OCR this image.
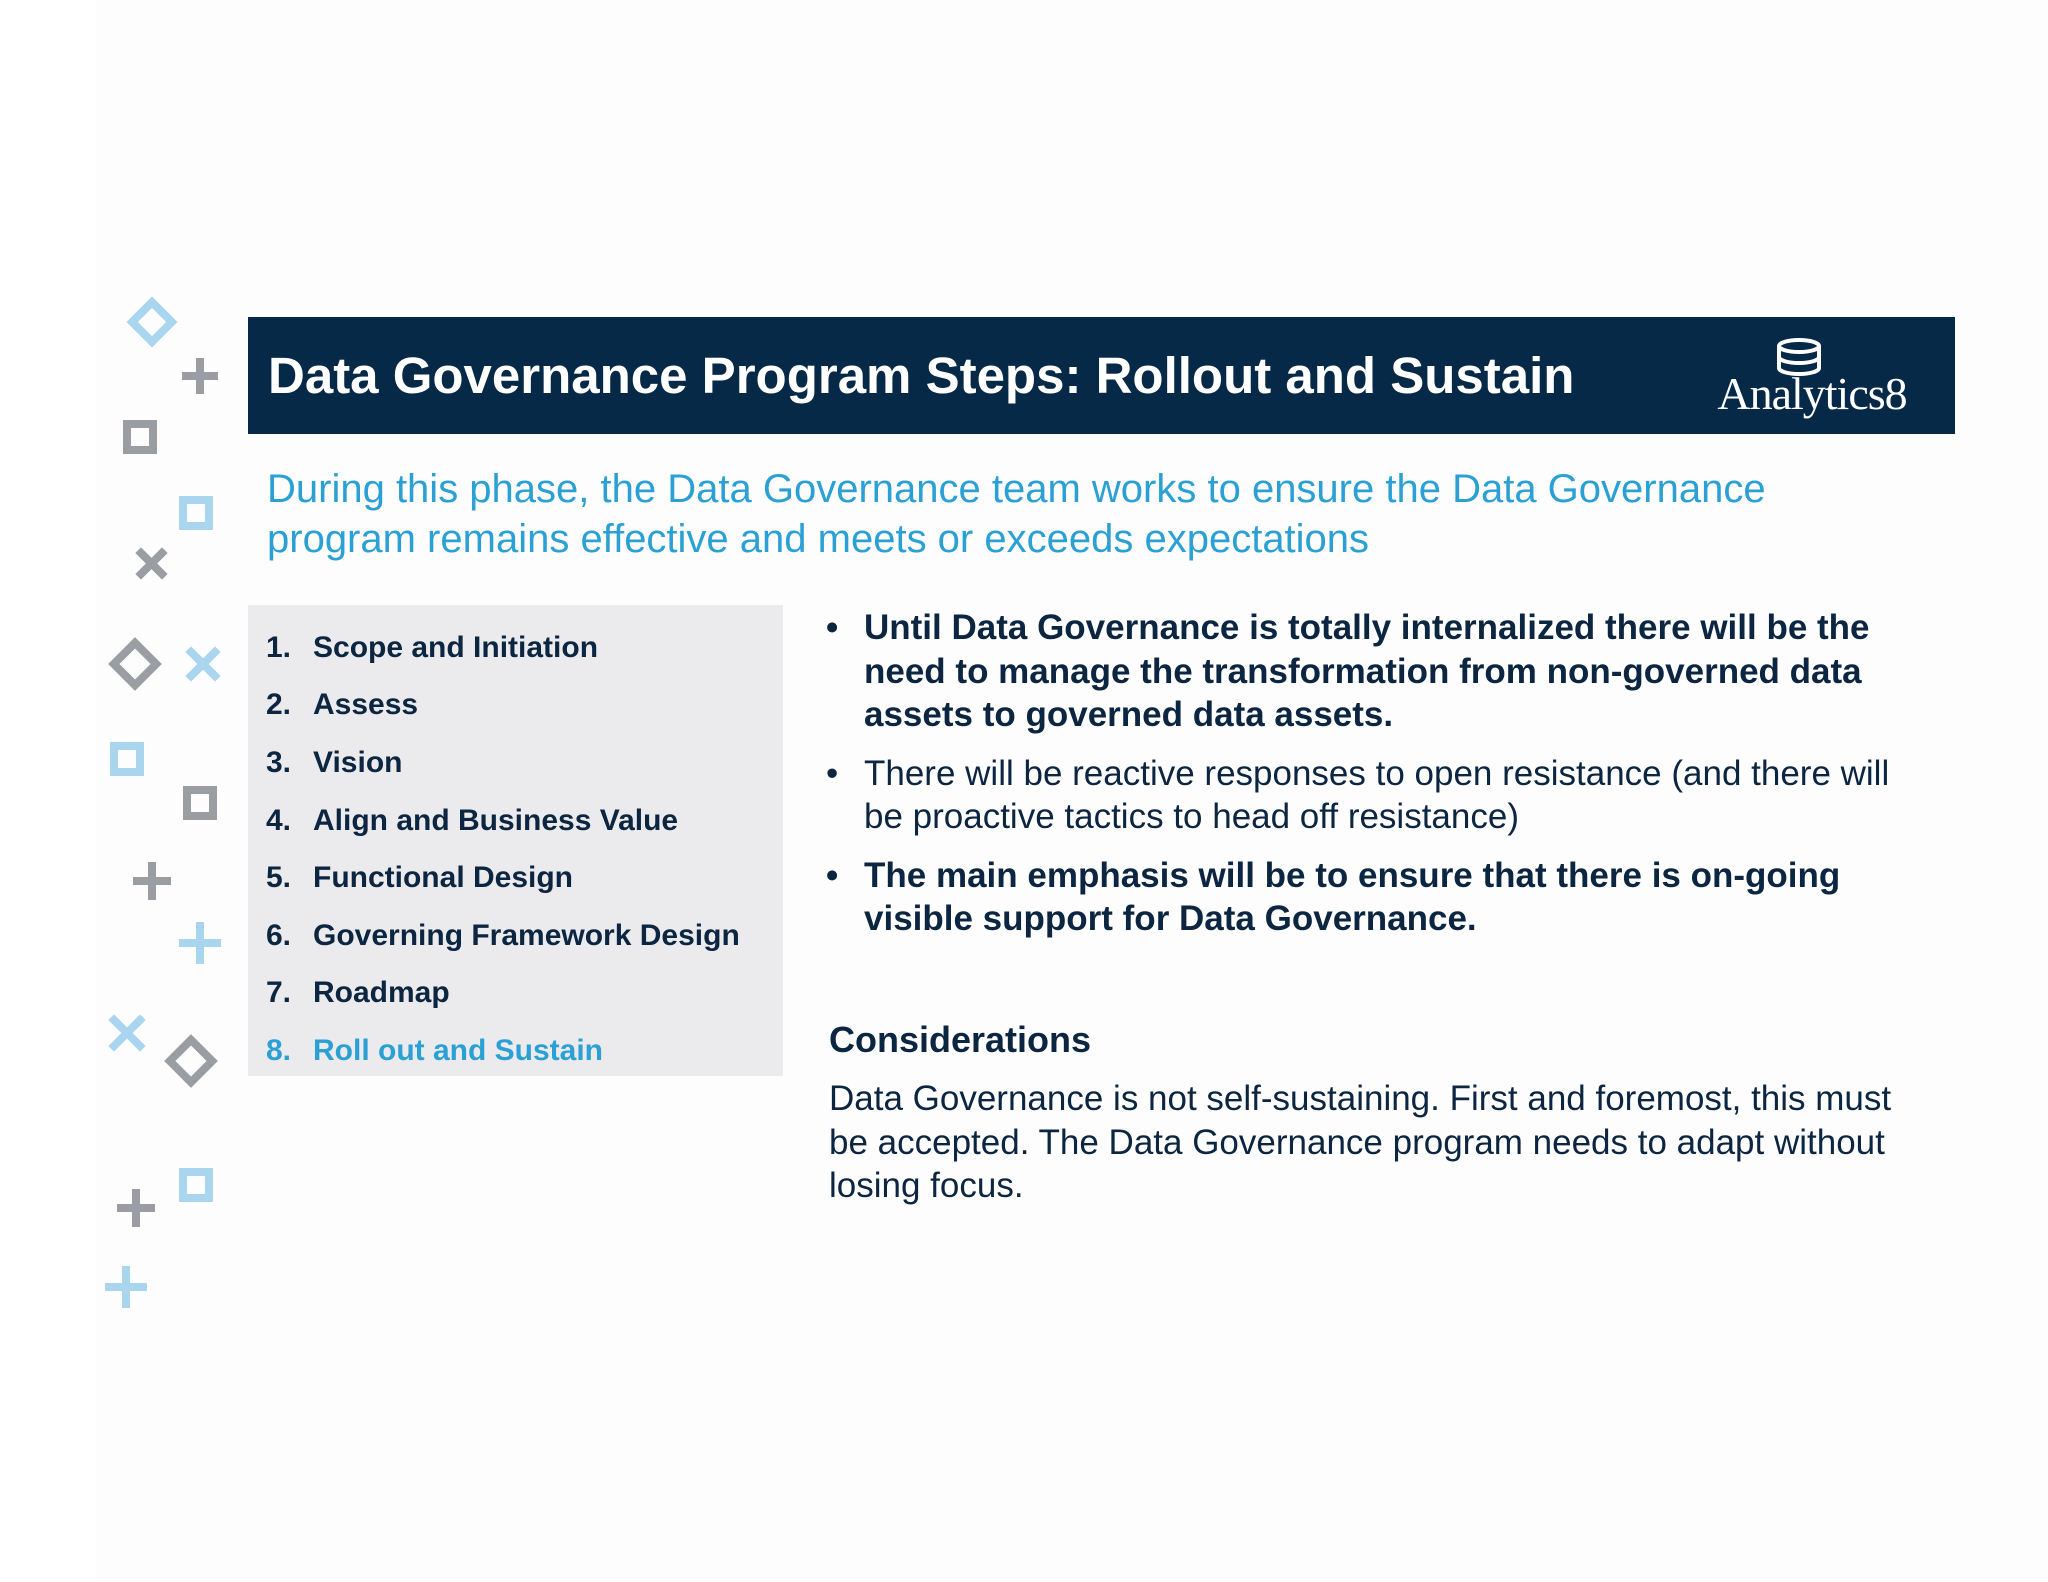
Data Governance Program Steps: Rollout and Sustain	Analytics8
During this phase, the Data Governance team works to ensure the Data Governance program remains effective and meets or exceeds expectations
1. Scope and Initiation
2. Assess
3. Vision
4. Align and Business Value
5. Functional Design
6. Governing Framework Design
7. Roadmap
8. Roll out and Sustain
• Until Data Governance is totally internalized there will be the need to manage the transformation from non-governed data assets to governed data assets.
• There will be reactive responses to open resistance (and there will be proactive tactics to head off resistance)
• The main emphasis will be to ensure that there is on-going visible support for Data Governance.
Considerations
Data Governance is not self-sustaining. First and foremost, this must be accepted. The Data Governance program needs to adapt without losing focus.
